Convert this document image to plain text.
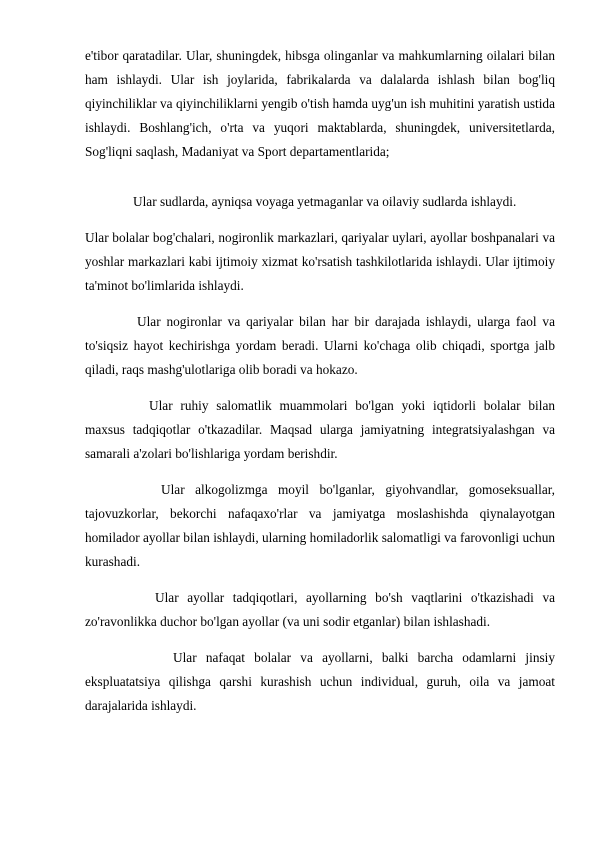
e'tibor qaratadilar. Ular, shuningdek, hibsga olinganlar va mahkumlarning oilalari bilan ham ishlaydi. Ular ish joylarida, fabrikalarda va dalalarda ishlash bilan bog'liq qiyinchiliklar va qiyinchiliklarni yengib o'tish hamda uyg'un ish muhitini yaratish ustida ishlaydi. Boshlang'ich, o'rta va yuqori maktablarda, shuningdek, universitetlarda, Sog'liqni saqlash, Madaniyat va Sport departamentlarida;

Ular sudlarda, ayniqsa voyaga yetmaganlar va oilaviy sudlarda ishlaydi.

Ular bolalar bog'chalari, nogironlik markazlari, qariyalar uylari, ayollar boshpanalari va yoshlar markazlari kabi ijtimoiy xizmat ko'rsatish tashkilotlarida ishlaydi. Ular ijtimoiy ta'minot bo'limlarida ishlaydi.

Ular nogironlar va qariyalar bilan har bir darajada ishlaydi, ularga faol va to'siqsiz hayot kechirishga yordam beradi. Ularni ko'chaga olib chiqadi, sportga jalb qiladi, raqs mashg'ulotlariga olib boradi va hokazo.

Ular ruhiy salomatlik muammolari bo'lgan yoki iqtidorli bolalar bilan maxsus tadqiqotlar o'tkazadilar. Maqsad ularga jamiyatning integratsiyalashgan va samarali a'zolari bo'lishlariga yordam berishdir.

Ular alkogolizmga moyil bo'lganlar, giyohvandlar, gomoseksuallar, tajovuzkorlar, bekorchi nafaqaxo'rlar va jamiyatga moslashishda qiynalayotgan homilador ayollar bilan ishlaydi, ularning homiladorlik salomatligi va farovonligi uchun kurashadi.

Ular ayollar tadqiqotlari, ayollarning bo'sh vaqtlarini o'tkazishadi va zo'ravonlikka duchor bo'lgan ayollar (va uni sodir etganlar) bilan ishlashadi.

Ular nafaqat bolalar va ayollarni, balki barcha odamlarni jinsiy ekspluatatsiya qilishga qarshi kurashish uchun individual, guruh, oila va jamoat darajalarida ishlaydi.
